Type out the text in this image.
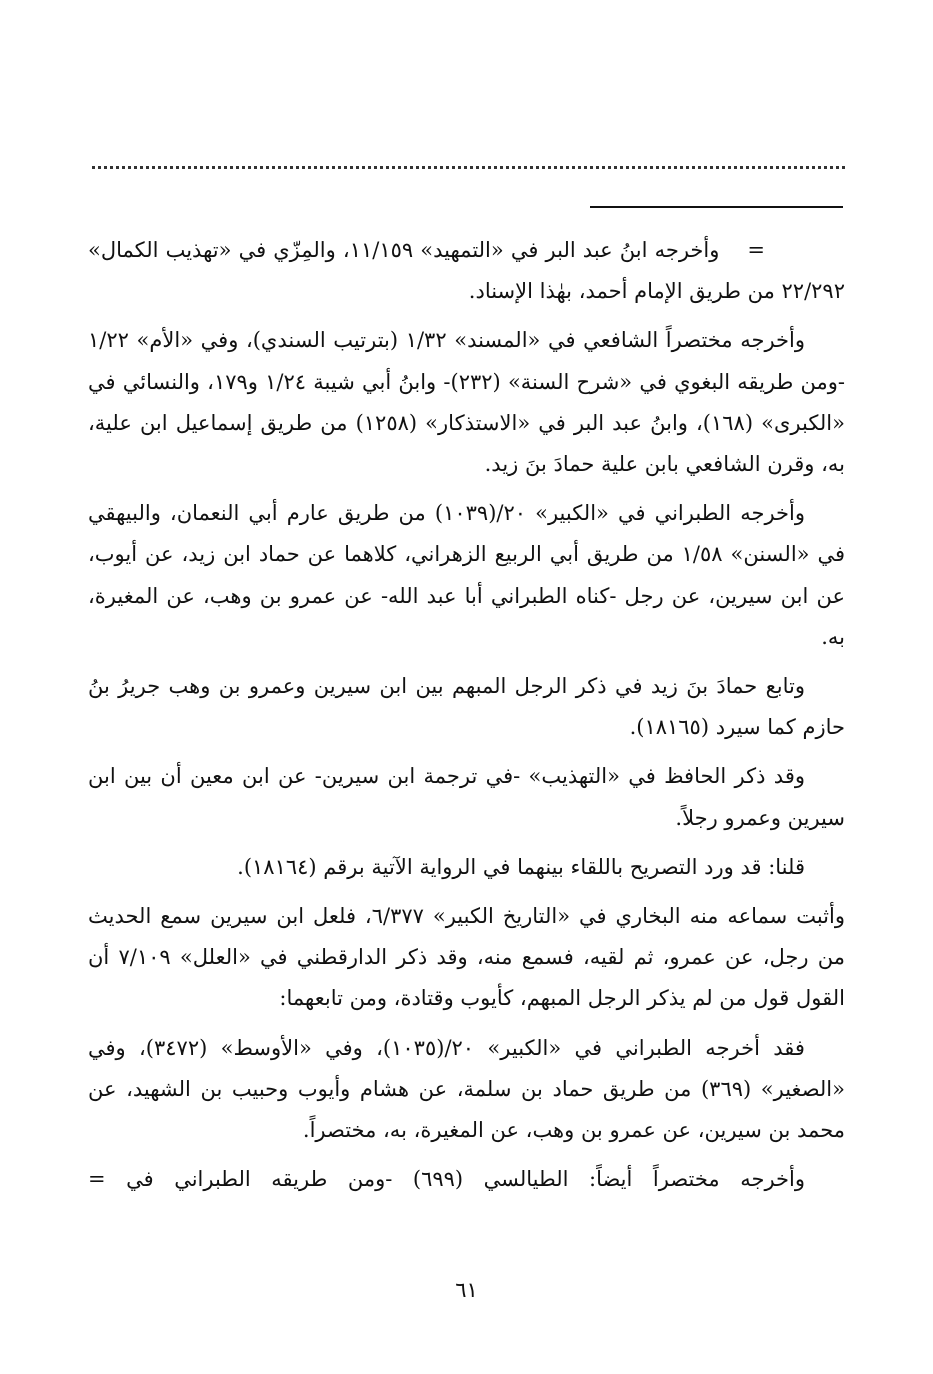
=وأخرجه ابنُ عبد البر في «التمهيد» ١١/١٥٩، والمِزّي في «تهذيب الكمال» ٢٢/٢٩٢ من طريق الإمام أحمد، بهٰذا الإسناد.

وأخرجه مختصراً الشافعي في «المسند» ١/٣٢ (بترتيب السندي)، وفي «الأم» ١/٢٢ -ومن طريقه البغوي في «شرح السنة» (٢٣٢)- وابنُ أبي شيبة ١/٢٤ و١٧٩، والنسائي في «الكبرى» (١٦٨)، وابنُ عبد البر في «الاستذكار» (١٢٥٨) من طريق إسماعيل ابن علية، به، وقرن الشافعي بابن علية حمادَ بنَ زيد.

وأخرجه الطبراني في «الكبير» ٢٠/(١٠٣٩) من طريق عارم أبي النعمان، والبيهقي في «السنن» ١/٥٨ من طريق أبي الربيع الزهراني، كلاهما عن حماد ابن زيد، عن أيوب، عن ابن سيرين، عن رجل -كناه الطبراني أبا عبد الله- عن عمرو بن وهب، عن المغيرة، به.

وتابع حمادَ بنَ زيد في ذكر الرجل المبهم بين ابن سيرين وعمرو بن وهب جريرُ بنُ حازم كما سيرد (١٨١٦٥).

وقد ذكر الحافظ في «التهذيب» -في ترجمة ابن سيرين- عن ابن معين أن بين ابن سيرين وعمرو رجلاً.

قلنا: قد ورد التصريح باللقاء بينهما في الرواية الآتية برقم (١٨١٦٤).

وأثبت سماعه منه البخاري في «التاريخ الكبير» ٦/٣٧٧، فلعل ابن سيرين سمع الحديث من رجل، عن عمرو، ثم لقيه، فسمع منه، وقد ذكر الدارقطني في «العلل» ٧/١٠٩ أن القول قول من لم يذكر الرجل المبهم، كأيوب وقتادة، ومن تابعهما:

فقد أخرجه الطبراني في «الكبير» ٢٠/(١٠٣٥)، وفي «الأوسط» (٣٤٧٢)، وفي «الصغير» (٣٦٩) من طريق حماد بن سلمة، عن هشام وأيوب وحبيب بن الشهيد، عن محمد بن سيرين، عن عمرو بن وهب، عن المغيرة، به، مختصراً.

وأخرجه مختصراً أيضاً: الطيالسي (٦٩٩) -ومن طريقه الطبراني في =

٦١
